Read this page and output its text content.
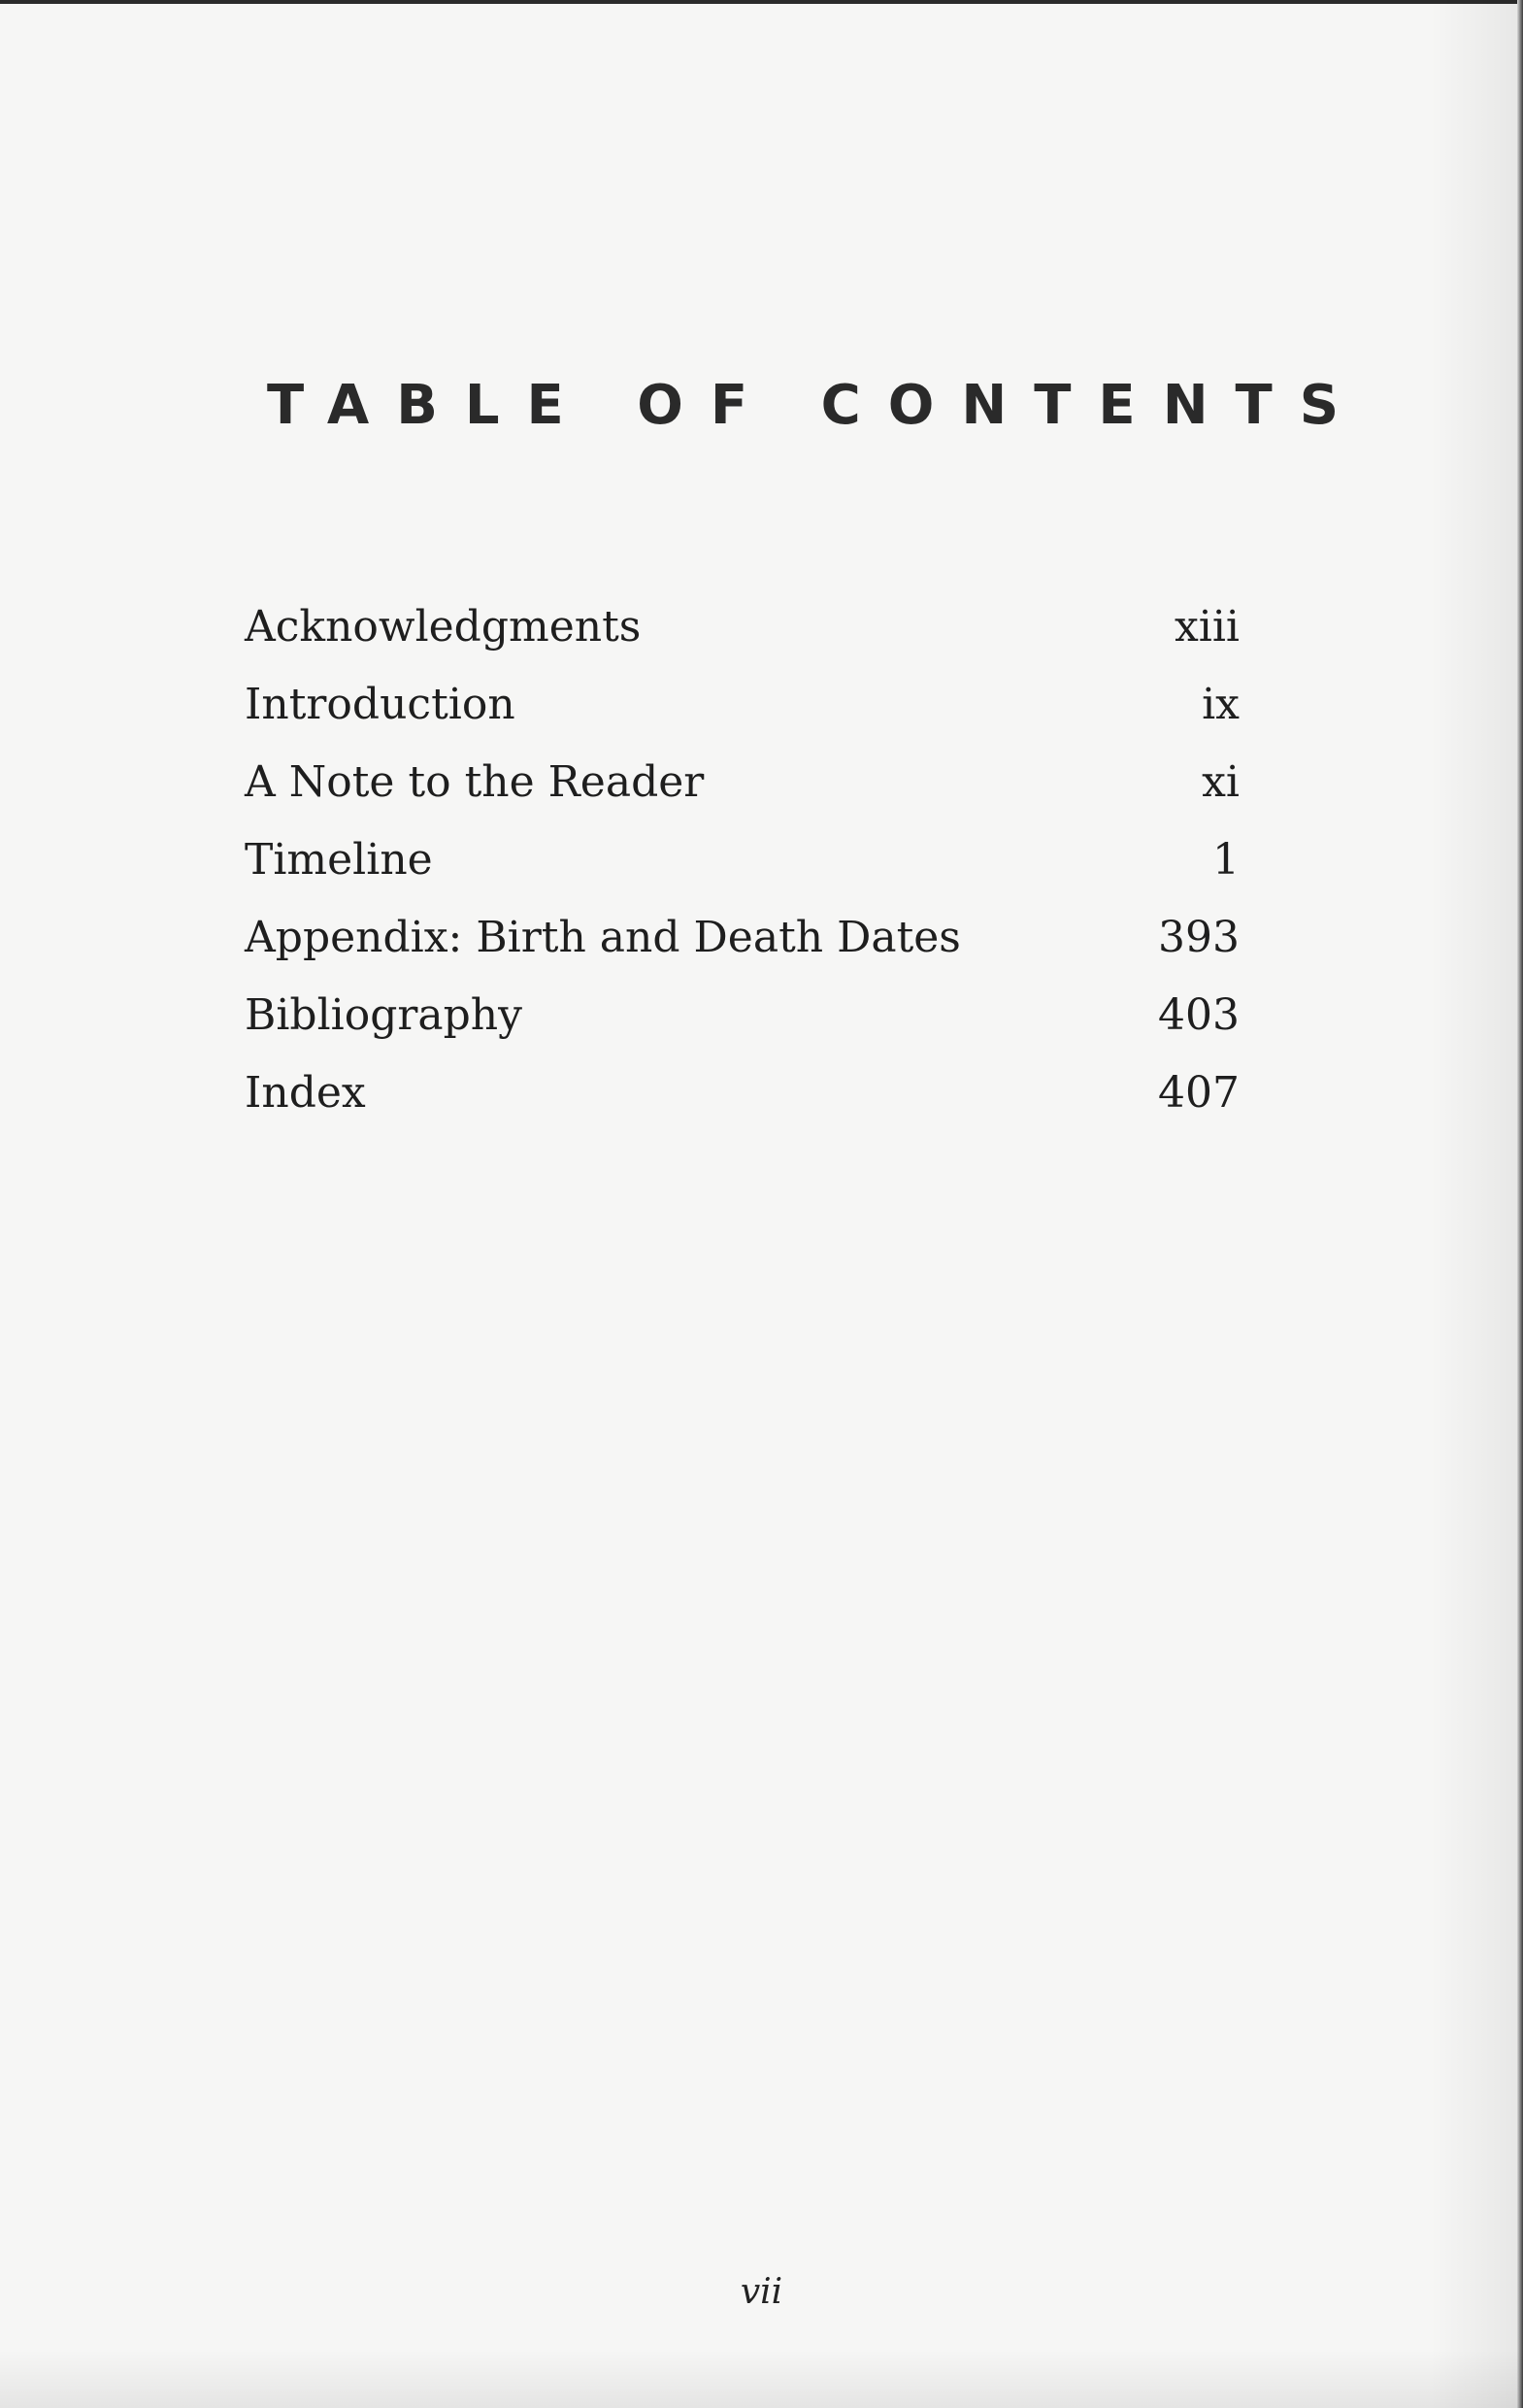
TABLE OF CONTENTS
Acknowledgments	xiii
Introduction	ix
A Note to the Reader	xi
Timeline	1
Appendix: Birth and Death Dates	393
Bibliography	403
Index	407
vii
